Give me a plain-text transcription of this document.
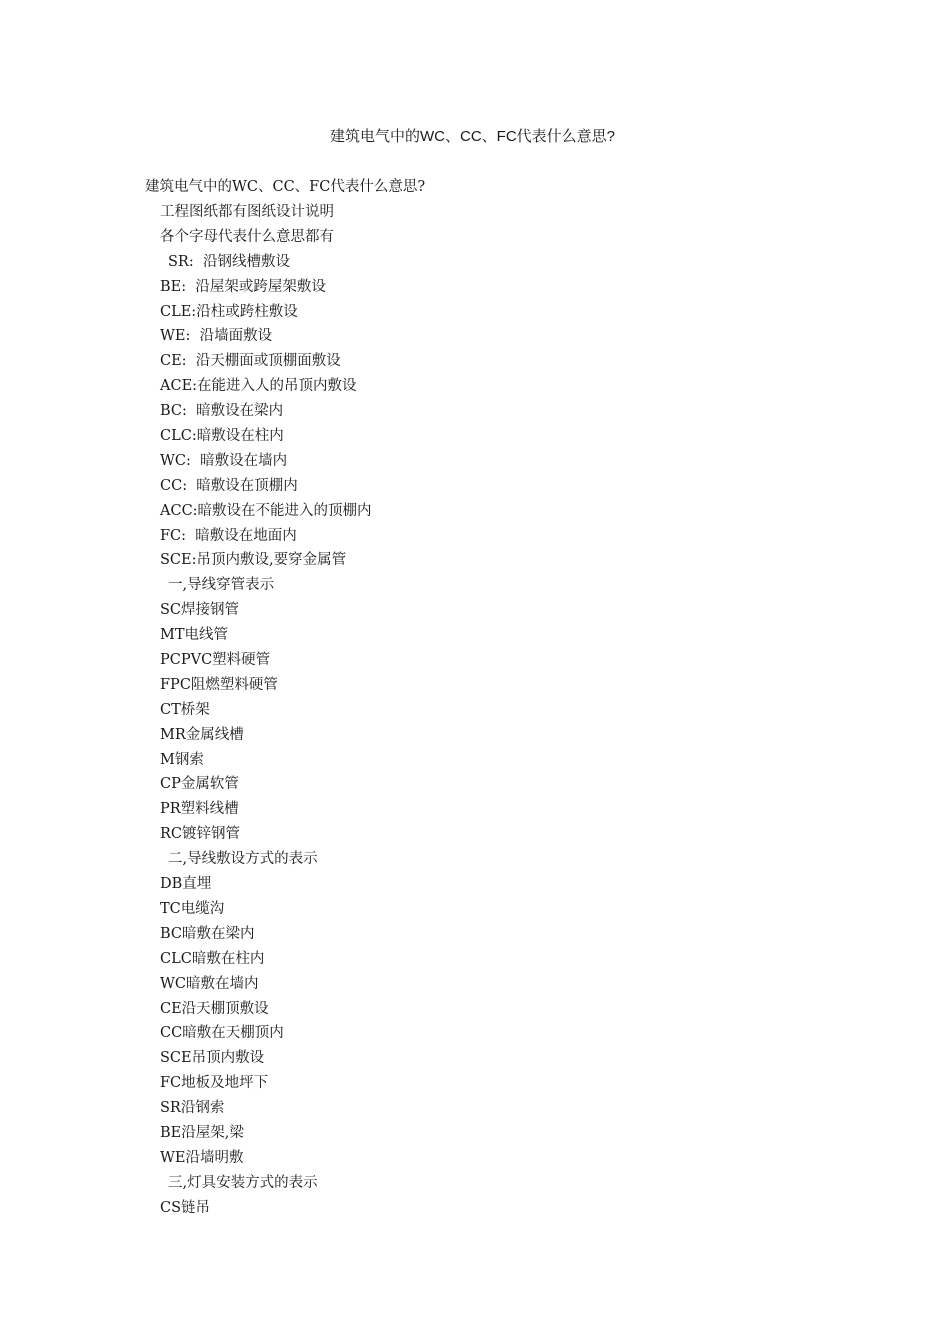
建筑电气中的WC、CC、FC代表什么意思?

建筑电气中的WC、CC、FC代表什么意思?

工程图纸都有图纸设计说明
各个字母代表什么意思都有
SR:  沿钢线槽敷设
BE:  沿屋架或跨屋架敷设
CLE:沿柱或跨柱敷设
WE:  沿墙面敷设
CE:  沿天棚面或顶棚面敷设
ACE:在能进入人的吊顶内敷设
BC:  暗敷设在梁内
CLC:暗敷设在柱内
WC:  暗敷设在墙内
CC:  暗敷设在顶棚内
ACC:暗敷设在不能进入的顶棚内
FC:  暗敷设在地面内
SCE:吊顶内敷设,要穿金属管
一,导线穿管表示
SC焊接钢管
MT电线管
PCPVC塑料硬管
FPC阻燃塑料硬管
CT桥架
MR金属线槽
M钢索
CP金属软管
PR塑料线槽
RC镀锌钢管
二,导线敷设方式的表示
DB直埋
TC电缆沟
BC暗敷在梁内
CLC暗敷在柱内
WC暗敷在墙内
CE沿天棚顶敷设
CC暗敷在天棚顶内
SCE吊顶内敷设
FC地板及地坪下
SR沿钢索
BE沿屋架,梁
WE沿墙明敷
三,灯具安装方式的表示
CS链吊
